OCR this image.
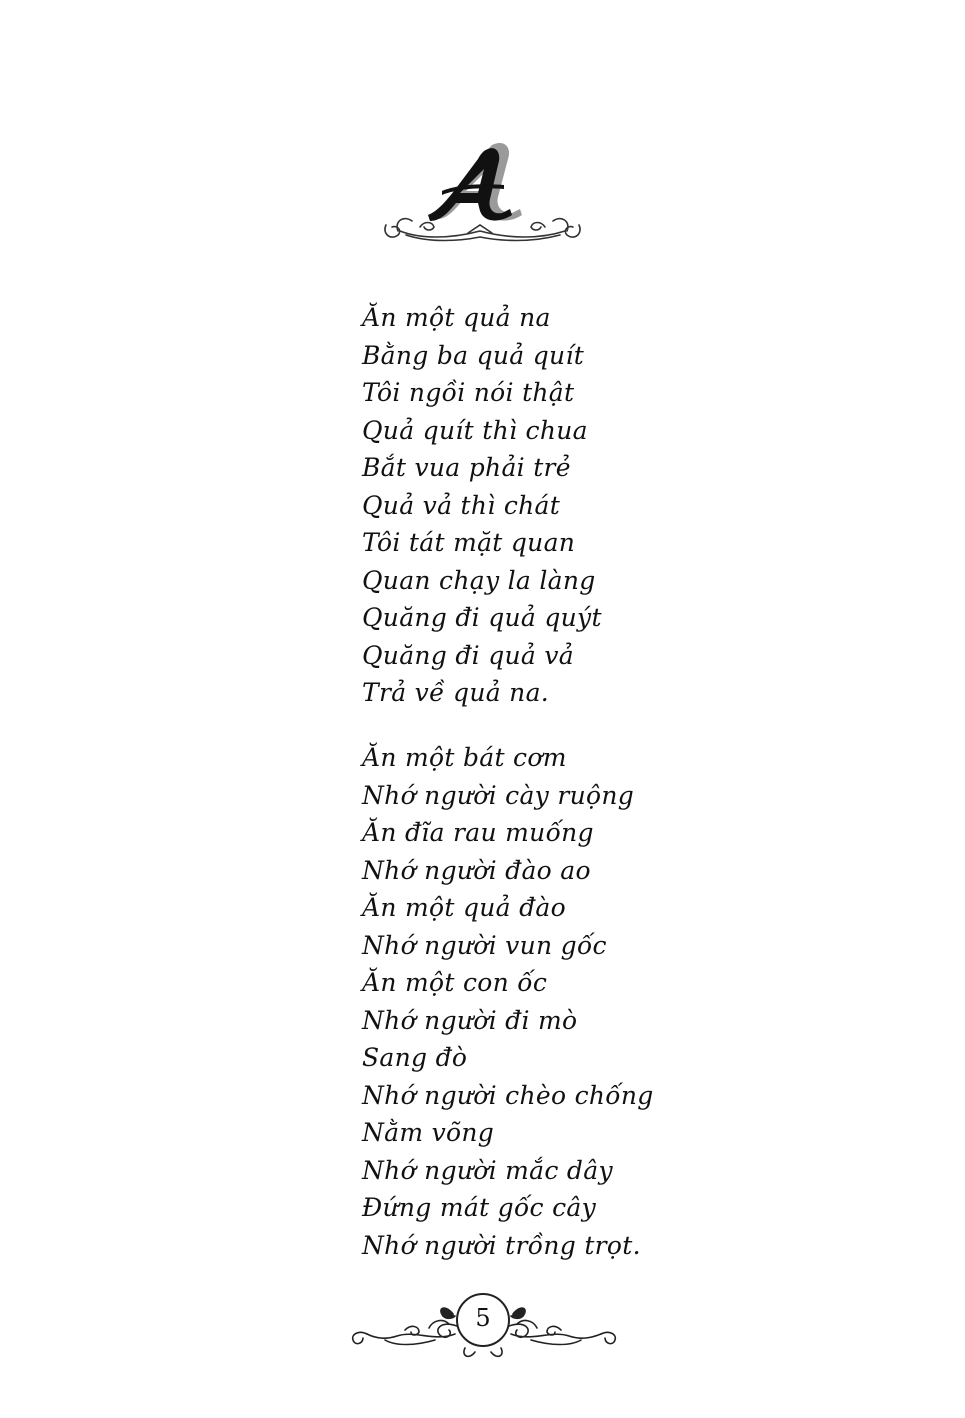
Ăn một quả na
Bằng ba quả quít
Tôi ngồi nói thật
Quả quít thì chua
Bắt vua phải trẻ
Quả vả thì chát
Tôi tát mặt quan
Quan chạy la làng
Quăng đi quả quýt
Quăng đi quả vả
Trả về quả na.
Ăn một bát cơm
Nhớ người cày ruộng
Ăn đĩa rau muống
Nhớ người đào ao
Ăn một quả đào
Nhớ người vun gốc
Ăn một con ốc
Nhớ người đi mò
Sang đò
Nhớ người chèo chống
Nằm võng
Nhớ người mắc dây
Đứng mát gốc cây
Nhớ người trồng trọt.
5
